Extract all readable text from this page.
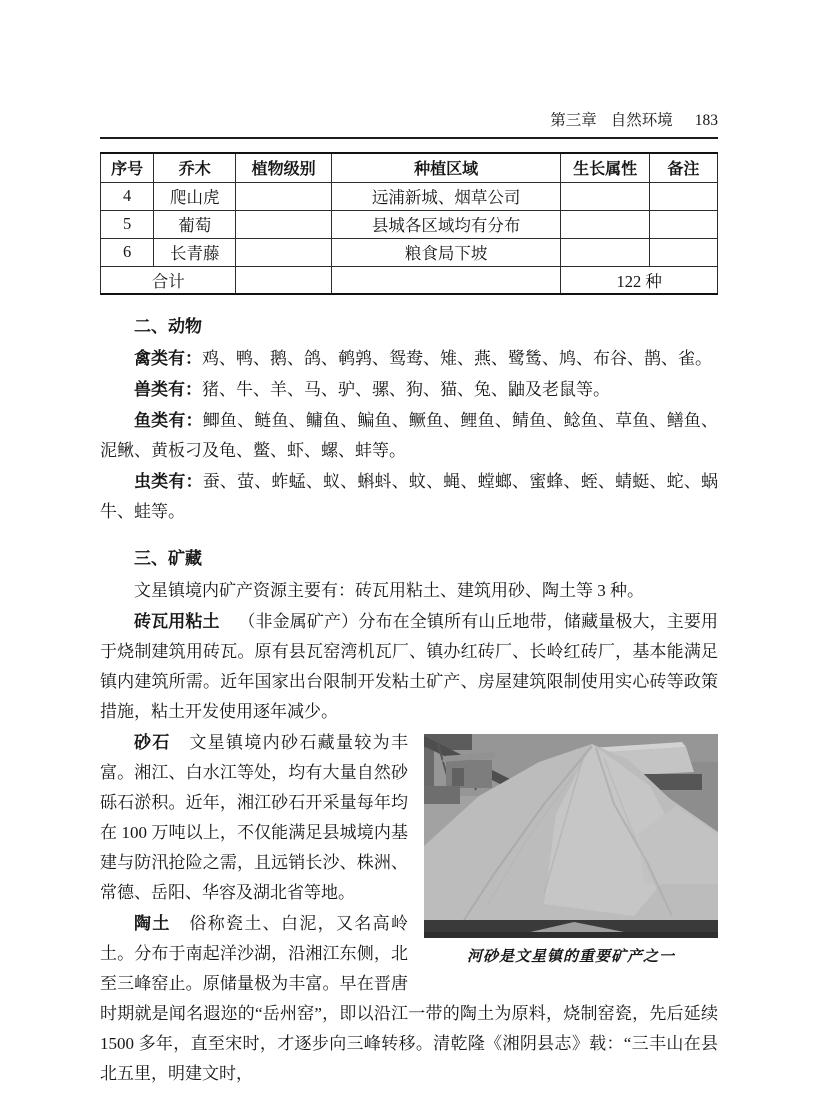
第三章 自然环境 183
序号	乔木	植物级别	种植区域	生长属性	备注
4	爬山虎		远浦新城、烟草公司		
5	葡萄		县城各区域均有分布		
6	长青藤		粮食局下坡		
合计				122 种	
二、动物

禽类有：鸡、鸭、鹅、鸽、鹌鹑、鸳鸯、雉、燕、鹭鸶、鸠、布谷、鹊、雀。

兽类有：猪、牛、羊、马、驴、骡、狗、猫、兔、鼬及老鼠等。

鱼类有：鲫鱼、鲢鱼、鳙鱼、鳊鱼、鳜鱼、鲤鱼、鲭鱼、鲶鱼、草鱼、鳝鱼、泥鳅、黄板刁及龟、鳖、虾、螺、蚌等。

虫类有：蚕、萤、蚱蜢、蚁、蝌蚪、蚊、蝇、螳螂、蜜蜂、蛭、蜻蜓、蛇、蜗牛、蛙等。

三、矿藏

文星镇境内矿产资源主要有：砖瓦用粘土、建筑用砂、陶土等 3 种。

砖瓦用粘土 （非金属矿产）分布在全镇所有山丘地带，储藏量极大，主要用于烧制建筑用砖瓦。原有县瓦窑湾机瓦厂、镇办红砖厂、长岭红砖厂，基本能满足镇内建筑所需。近年国家出台限制开发粘土矿产、房屋建筑限制使用实心砖等政策措施，粘土开发使用逐年减少。

河砂是文星镇的重要矿产之一

砂石 文星镇境内砂石藏量较为丰富。湘江、白水江等处，均有大量自然砂砾石淤积。近年，湘江砂石开采量每年均在 100 万吨以上，不仅能满足县城境内基建与防汛抢险之需，且远销长沙、株洲、常德、岳阳、华容及湖北省等地。

陶土 俗称瓷土、白泥，又名高岭土。分布于南起洋沙湖，沿湘江东侧，北至三峰窑止。原储量极为丰富。早在晋唐时期就是闻名遐迩的“岳州窑”，即以沿江一带的陶土为原料，烧制窑瓷，先后延续 1500 多年，直至宋时，才逐步向三峰转移。清乾隆《湘阴县志》载：“三丰山在县北五里，明建文时，
